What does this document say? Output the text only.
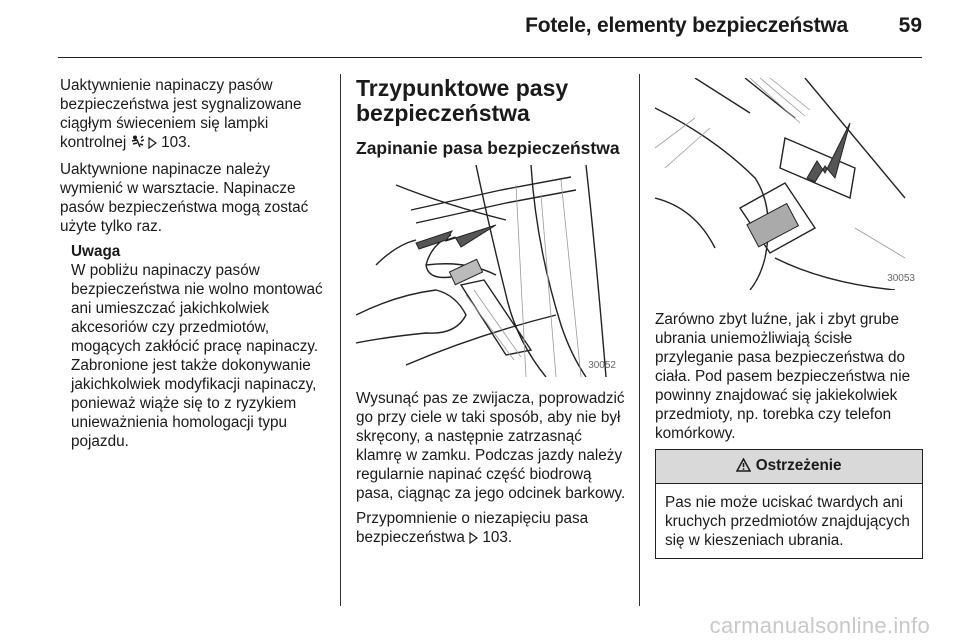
Fotele, elementy bezpieczeństwa 59

Uaktywnienie napinaczy pasów bezpieczeństwa jest sygnalizowane ciągłym świeceniem się lampki kontrolnej 103.

Uaktywnione napinacze należy wymienić w warsztacie. Napinacze pasów bezpieczeństwa mogą zostać użyte tylko raz.

Uwaga
W pobliżu napinaczy pasów bezpieczeństwa nie wolno montować ani umieszczać jakichkolwiek akcesoriów czy przedmiotów, mogących zakłócić pracę napinaczy. Zabronione jest także dokonywanie jakichkolwiek modyfikacji napinaczy, ponieważ wiąże się to z ryzykiem unieważnienia homologacji typu pojazdu.
Trzypunktowe pasy bezpieczeństwa
Zapinanie pasa bezpieczeństwa
30052

Wysunąć pas ze zwijacza, poprowadzić go przy ciele w taki sposób, aby nie był skręcony, a następnie zatrzasnąć klamrę w zamku. Podczas jazdy należy regularnie napinać część biodrową pasa, ciągnąc za jego odcinek barkowy.

Przypomnienie o niezapięciu pasa bezpieczeństwa 103.

30053

Zarówno zbyt luźne, jak i zbyt grube ubrania uniemożliwiają ścisłe przyleganie pasa bezpieczeństwa do ciała. Pod pasem bezpieczeństwa nie powinny znajdować się jakiekolwiek przedmioty, np. torebka czy telefon komórkowy.

Ostrzeżenie
Pas nie może uciskać twardych ani kruchych przedmiotów znajdujących się w kieszeniach ubrania.
carmanualsonline.info
